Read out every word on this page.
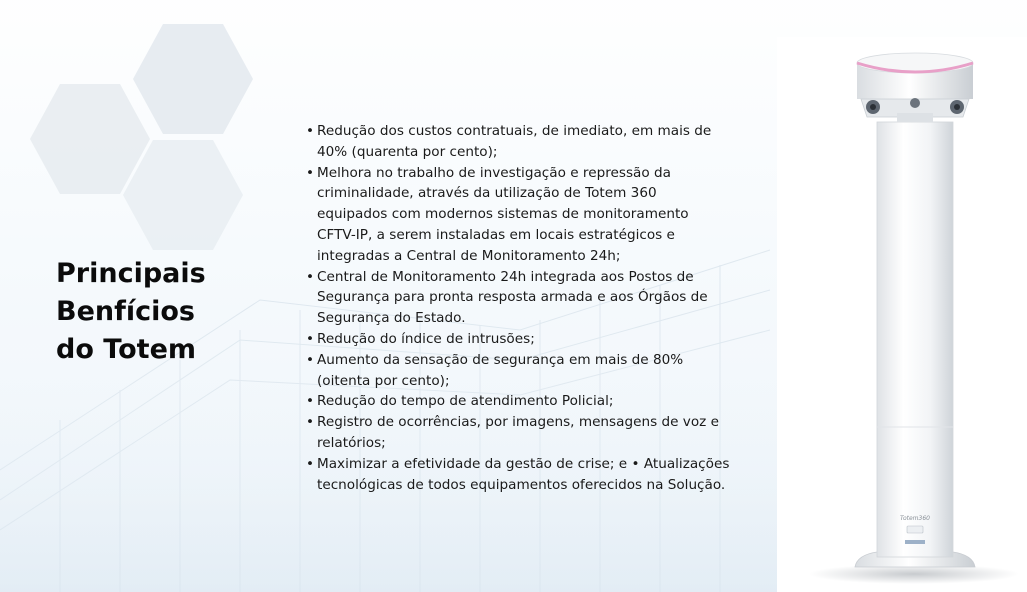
Principais
Benfícios
do Totem
• Redução dos custos contratuais, de imediato, em mais de 40% (quarenta por cento);
• Melhora no trabalho de investigação e repressão da criminalidade, através da utilização de Totem 360 equipados com modernos sistemas de monitoramento CFTV-IP, a serem instaladas em locais estratégicos e integradas a Central de Monitoramento 24h;
• Central de Monitoramento 24h integrada aos Postos de Segurança para pronta resposta armada e aos Órgãos de Segurança do Estado.
• Redução do índice de intrusões;
• Aumento da sensação de segurança em mais de 80% (oitenta por cento);
• Redução do tempo de atendimento Policial;
• Registro de ocorrências, por imagens, mensagens de voz e relatórios;
• Maximizar a efetividade da gestão de crise; e • Atualizações tecnológicas de todos equipamentos oferecidos na Solução.
Totem360
